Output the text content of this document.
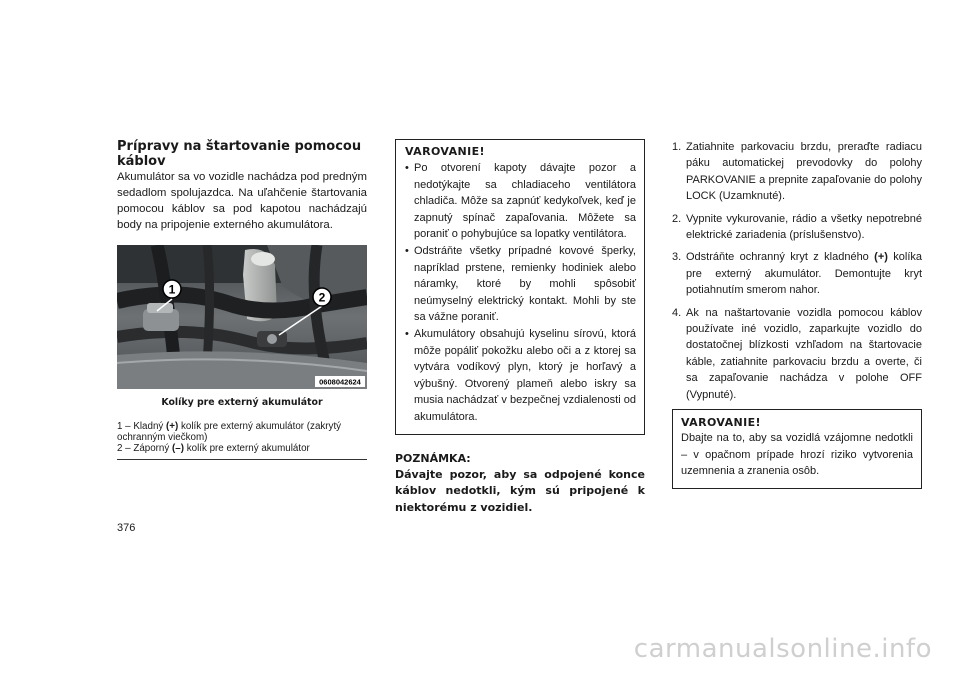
Prípravy na štartovanie pomocou káblov

Akumulátor sa vo vozidle nachádza pod predným sedadlom spolujazdca. Na uľahčenie štartovania pomocou káblov sa pod kapotou nachádzajú body na pripojenie externého akumulátora.

1
2
0608042624
Kolíky pre externý akumulátor
1 – Kladný (+) kolík pre externý akumulátor (zakrytý ochranným viečkom)
2 – Záporný (–) kolík pre externý akumulátor
VAROVANIE!
• Po otvorení kapoty dávajte pozor a nedotýkajte sa chladiaceho ventilátora chladiča. Môže sa zapnúť kedykoľvek, keď je zapnutý spínač zapaľovania. Môžete sa poraniť o pohybujúce sa lopatky ventilátora.
• Odstráňte všetky prípadné kovové šperky, napríklad prstene, remienky hodiniek alebo náramky, ktoré by mohli spôsobiť neúmyselný elektrický kontakt. Mohli by ste sa vážne poraniť.
• Akumulátory obsahujú kyselinu sírovú, ktorá môže popáliť pokožku alebo oči a z ktorej sa vytvára vodíkový plyn, ktorý je horľavý a výbušný. Otvorený plameň alebo iskry sa musia nachádzať v bezpečnej vzdialenosti od akumulátora.
POZNÁMKA:
Dávajte pozor, aby sa odpojené konce káblov nedotkli, kým sú pripojené k niektorému z vozidiel.
1. Zatiahnite parkovaciu brzdu, preraďte radiacu páku automatickej prevodovky do polohy PARKOVANIE a prepnite zapaľovanie do polohy LOCK (Uzamknuté).
2. Vypnite vykurovanie, rádio a všetky nepotrebné elektrické zariadenia (príslušenstvo).
3. Odstráňte ochranný kryt z kladného (+) kolíka pre externý akumulátor. Demontujte kryt potiahnutím smerom nahor.
4. Ak na naštartovanie vozidla pomocou káblov používate iné vozidlo, zaparkujte vozidlo do dostatočnej blízkosti vzhľadom na štartovacie káble, zatiahnite parkovaciu brzdu a overte, či sa zapaľovanie nachádza v polohe OFF (Vypnuté).
VAROVANIE!
Dbajte na to, aby sa vozidlá vzájomne nedotkli – v opačnom prípade hrozí riziko vytvorenia uzemnenia a zranenia osôb.
376
carmanualsonline.info
